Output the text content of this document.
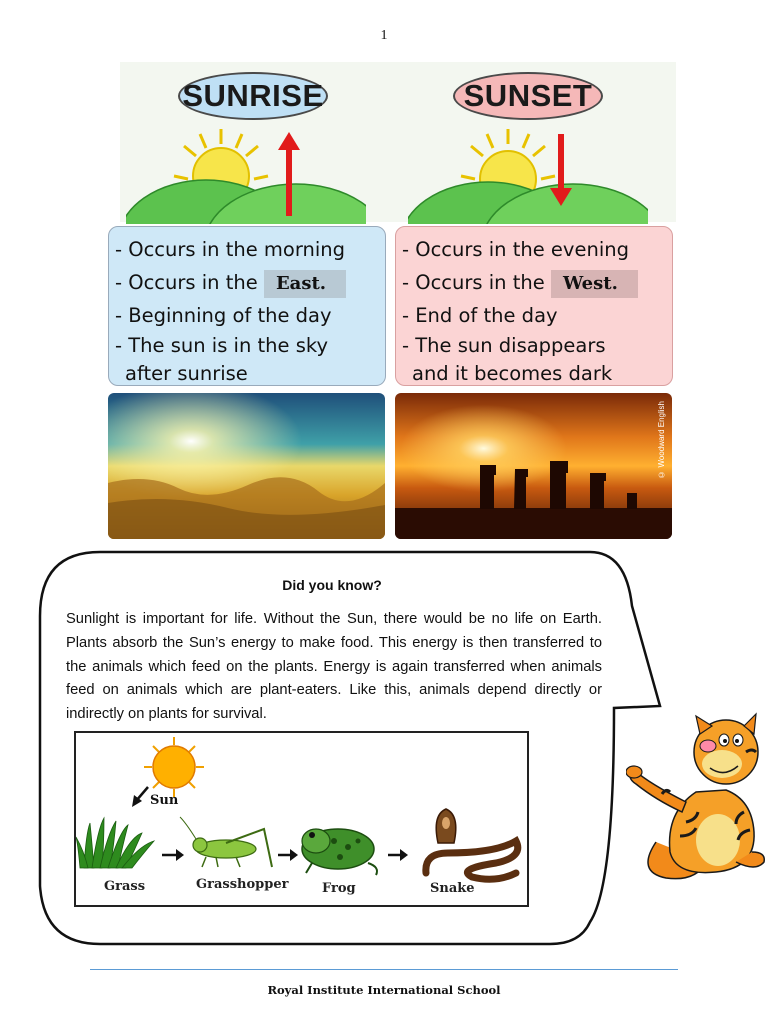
1
SUNRISE	SUNSET
- Occurs in the morning
- Occurs in the East.
- Beginning of the day
- The sun is in the sky
after sunrise
- Occurs in the evening
- Occurs in the West.
- End of the day
- The sun disappears
and it becomes dark
© Woodward English
Did you know?
Sunlight is important for life. Without the Sun, there would be no life on Earth. Plants absorb the Sun’s energy to make food. This energy is then transferred to the animals which feed on the plants. Energy is again transferred when animals feed on animals which are plant-eaters. Like this, animals depend directly or indirectly on plants for survival.
Sun
Grass	Grasshopper	Frog	Snake
Royal Institute International School
